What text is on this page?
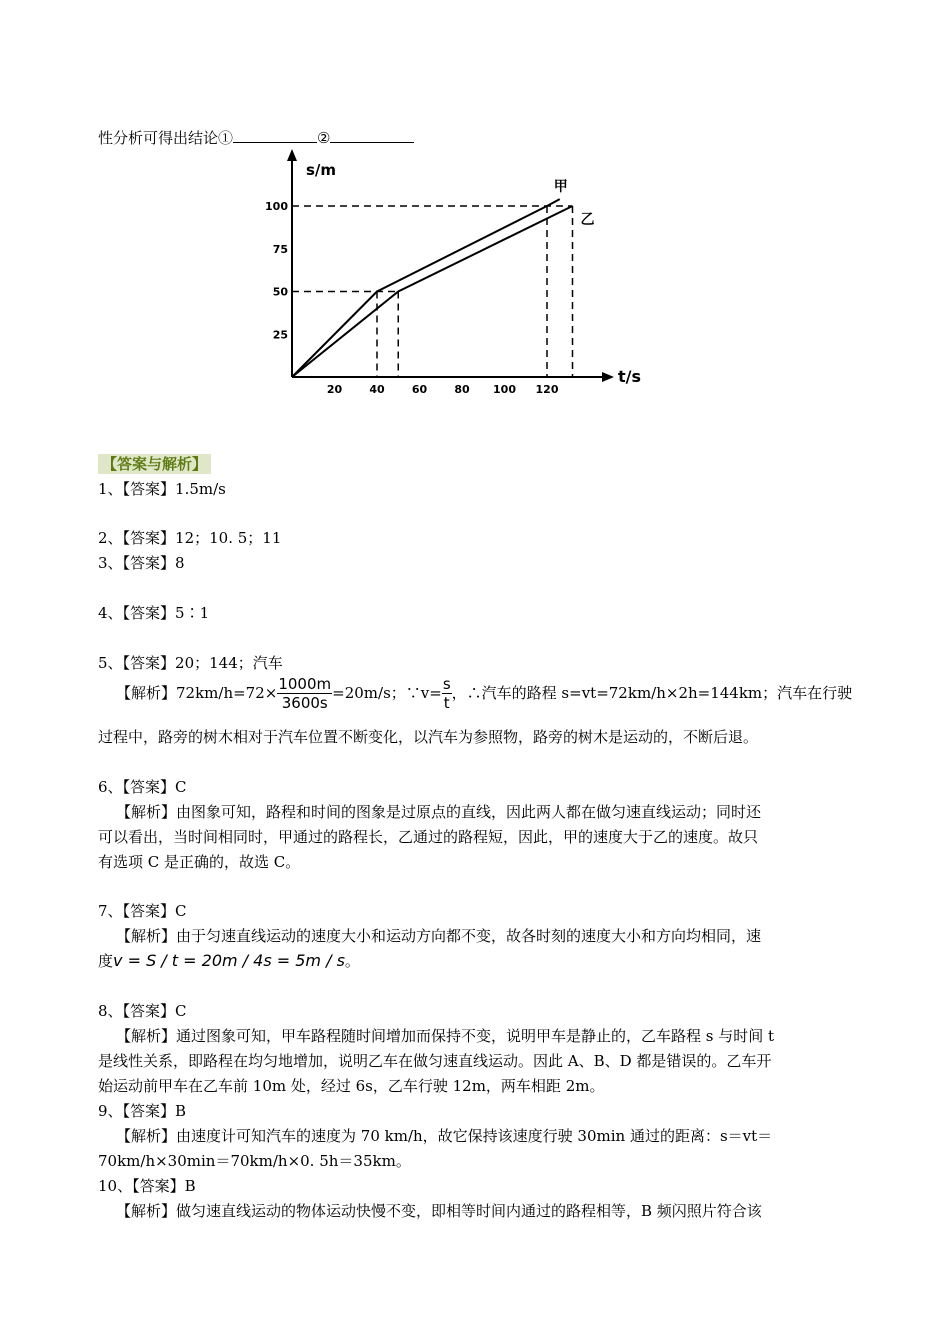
性分析可得出结论①	②
t/s
s/m
20 40 60 80 100 120
25
50
75
100
甲
乙
【答案与解析】
1、【答案】1.5m/s
2、【答案】12；10. 5；11
3、【答案】8
4、【答案】5∶1
5、【答案】20；144；汽车
【解析】$72km/h=72\times \frac{1000m}{3600s} =20m/s$；∵v= $\frac{s}{t}$ ，∴汽车的路程 s=vt=72km/h×2h=144km；汽车在行驶
过程中，路旁的树木相对于汽车位置不断变化，以汽车为参照物，路旁的树木是运动的，不断后退。
6、【答案】C
【解析】由图象可知，路程和时间的图象是过原点的直线，因此两人都在做匀速直线运动；同时还
可以看出，当时间相同时，甲通过的路程长，乙通过的路程短，因此，甲的速度大于乙的速度。故只
有选项 C 是正确的，故选 C。
7、【答案】C
【解析】由于匀速直线运动的速度大小和运动方向都不变，故各时刻的速度大小和方向均相同，速
度v = S / t = 20m / 4s = 5m / s。
8、【答案】C
【解析】通过图象可知，甲车路程随时间增加而保持不变，说明甲车是静止的，乙车路程 s 与时间 t
是线性关系，即路程在均匀地增加，说明乙车在做匀速直线运动。因此 A、B、D 都是错误的。乙车开
始运动前甲车在乙车前 10m 处，经过 6s，乙车行驶 12m，两车相距 2m。
9、【答案】B
【解析】由速度计可知汽车的速度为 70 km/h，故它保持该速度行驶 30min 通过的距离：s＝vt＝
70km/h×30min＝70km/h×0. 5h＝35km。
10、【答案】B
【解析】做匀速直线运动的物体运动快慢不变，即相等时间内通过的路程相等，B 频闪照片符合该
